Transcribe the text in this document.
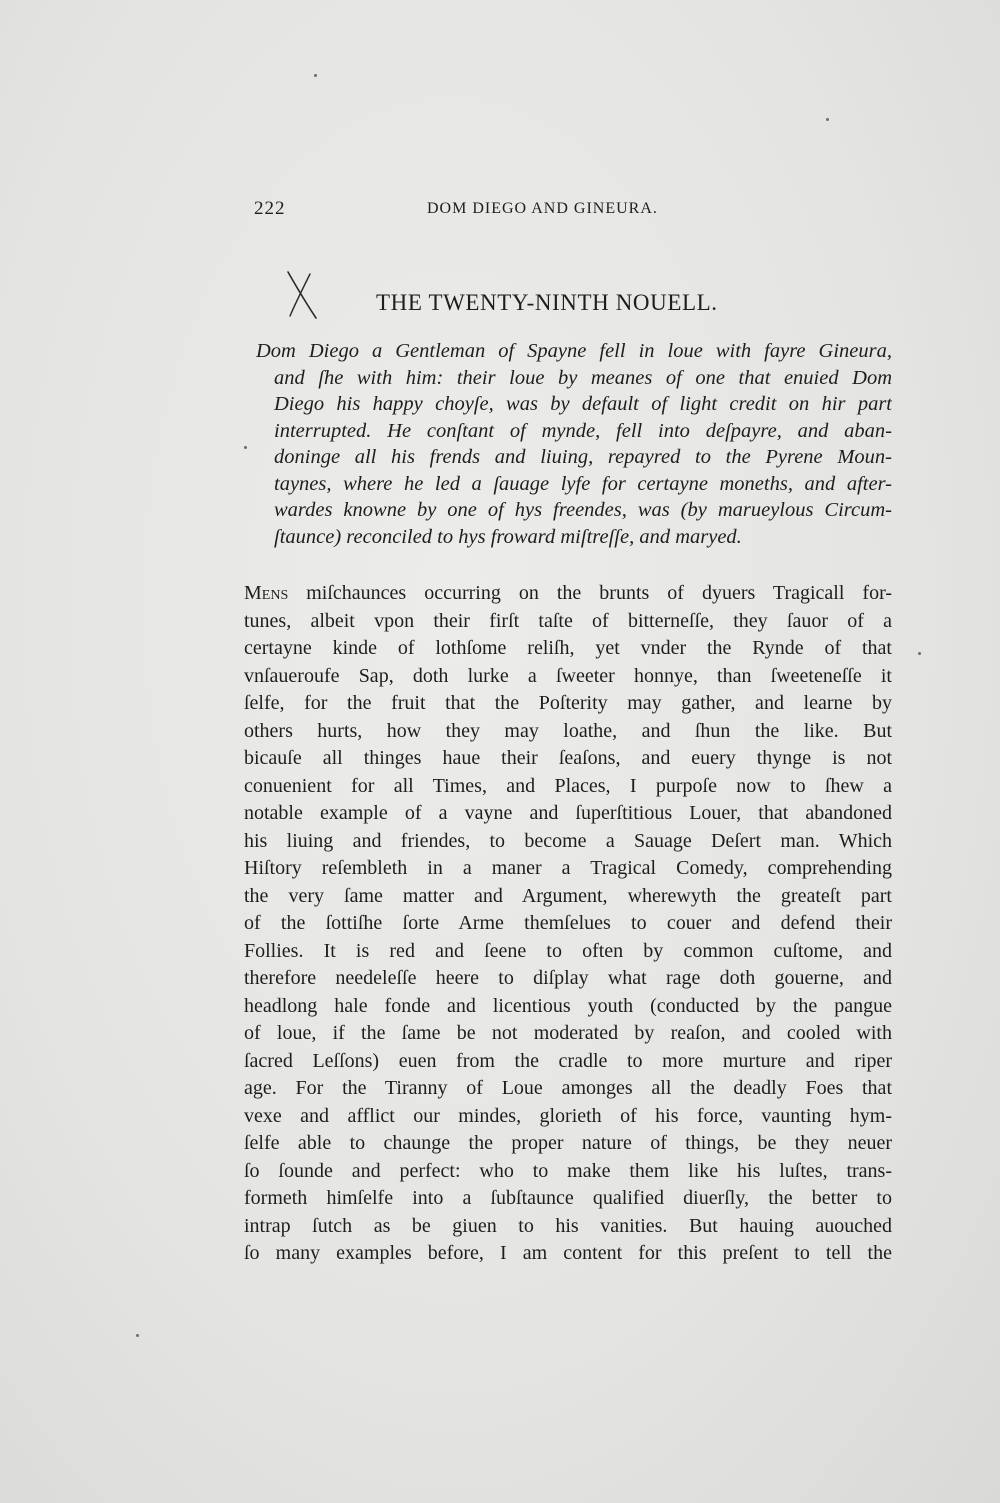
222	DOM DIEGO AND GINEURA.
THE TWENTY-NINTH NOUELL.
Dom Diego a Gentleman of Spayne fell in loue with fayre Gineura,
and ſhe with him: their loue by meanes of one that enuied Dom
Diego his happy choyſe, was by default of light credit on hir part
interrupted. He conſtant of mynde, fell into deſpayre, and aban-
doninge all his frends and liuing, repayred to the Pyrene Moun-
taynes, where he led a ſauage lyfe for certayne moneths, and after-
wardes knowne by one of hys freendes, was (by marueylous Circum-
ſtaunce) reconciled to hys froward miſtreſſe, and maryed.
Mens miſchaunces occurring on the brunts of dyuers Tragicall for-
tunes, albeit vpon their firſt taſte of bitterneſſe, they ſauor of a
certayne kinde of lothſome reliſh, yet vnder the Rynde of that
vnſaueroufe Sap, doth lurke a ſweeter honnye, than ſweeteneſſe it
ſelfe, for the fruit that the Poſterity may gather, and learne by
others hurts, how they may loathe, and ſhun the like. But
bicauſe all thinges haue their ſeaſons, and euery thynge is not
conuenient for all Times, and Places, I purpoſe now to ſhew a
notable example of a vayne and ſuperſtitious Louer, that abandoned
his liuing and friendes, to become a Sauage Deſert man. Which
Hiſtory reſembleth in a maner a Tragical Comedy, comprehending
the very ſame matter and Argument, wherewyth the greateſt part
of the ſottiſhe ſorte Arme themſelues to couer and defend their
Follies. It is red and ſeene to often by common cuſtome, and
therefore needeleſſe heere to diſplay what rage doth gouerne, and
headlong hale fonde and licentious youth (conducted by the pangue
of loue, if the ſame be not moderated by reaſon, and cooled with
ſacred Leſſons) euen from the cradle to more murture and riper
age. For the Tiranny of Loue amonges all the deadly Foes that
vexe and afflict our mindes, glorieth of his force, vaunting hym-
ſelfe able to chaunge the proper nature of things, be they neuer
ſo ſounde and perfect: who to make them like his luſtes, trans-
formeth himſelfe into a ſubſtaunce qualified diuerſly, the better to
intrap ſutch as be giuen to his vanities. But hauing auouched
ſo many examples before, I am content for this preſent to tell the
